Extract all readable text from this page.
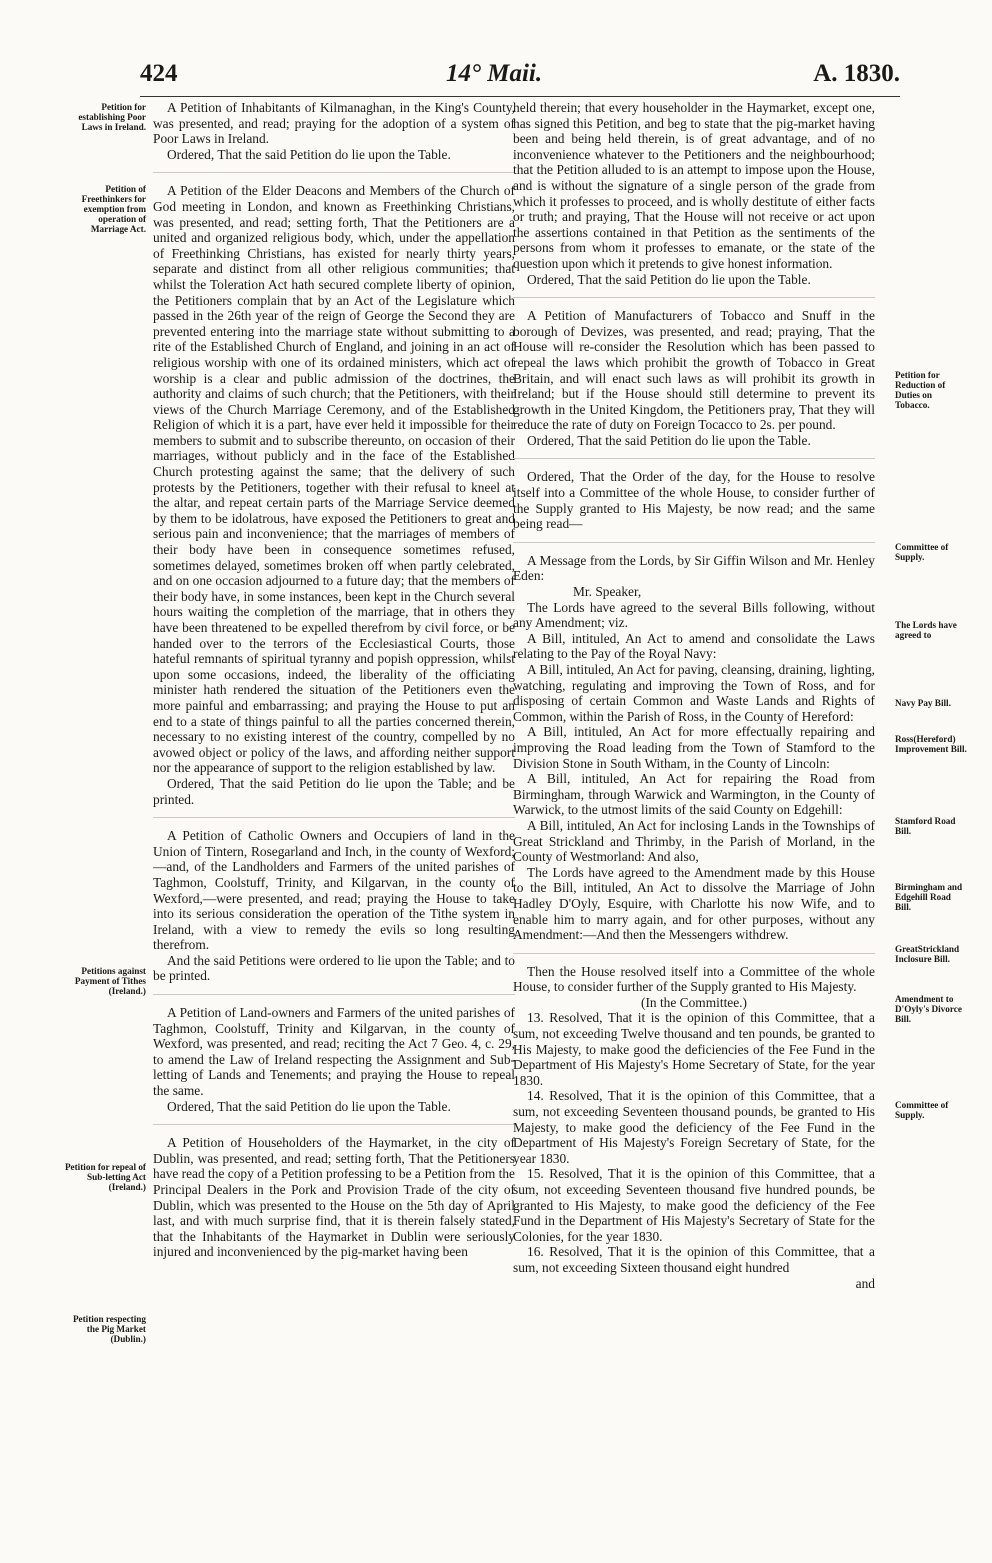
424	14° Maii.	A. 1830.
Petition for establishing Poor Laws in Ireland.
Petition of Freethinkers for exemption from operation of Marriage Act.
Petitions against Payment of Tithes (Ireland.)
Petition for repeal of Sub-letting Act (Ireland.)
Petition respecting the Pig Market (Dublin.)
Petition for Reduction of Duties on Tobacco.
Committee of Supply.
The Lords have agreed to
Navy Pay Bill.
Ross(Hereford) Improvement Bill.
Stamford Road Bill.
Birmingham and Edgehill Road Bill.
GreatStrickland Inclosure Bill.
Amendment to D'Oyly's Divorce Bill.
Committee of Supply.

A Petition of Inhabitants of Kilmanaghan, in the King's County, was presented, and read; praying for the adoption of a system of Poor Laws in Ireland.

Ordered, That the said Petition do lie upon the Table.

A Petition of the Elder Deacons and Members of the Church of God meeting in London, and known as Freethinking Christians, was presented, and read; setting forth, That the Petitioners are a united and organized religious body, which, under the appellation of Freethinking Christians, has existed for nearly thirty years, separate and distinct from all other religious communities; that whilst the Toleration Act hath secured complete liberty of opinion, the Petitioners complain that by an Act of the Legislature which passed in the 26th year of the reign of George the Second they are prevented entering into the marriage state without submitting to a rite of the Established Church of England, and joining in an act of religious worship with one of its ordained ministers, which act of worship is a clear and public admission of the doctrines, the authority and claims of such church; that the Petitioners, with their views of the Church Marriage Ceremony, and of the Established Religion of which it is a part, have ever held it impossible for their members to submit and to subscribe thereunto, on occasion of their marriages, without publicly and in the face of the Established Church protesting against the same; that the delivery of such protests by the Petitioners, together with their refusal to kneel at the altar, and repeat certain parts of the Marriage Service deemed by them to be idolatrous, have exposed the Petitioners to great and serious pain and inconvenience; that the marriages of members of their body have been in consequence sometimes refused, sometimes delayed, sometimes broken off when partly celebrated, and on one occasion adjourned to a future day; that the members of their body have, in some instances, been kept in the Church several hours waiting the completion of the marriage, that in others they have been threatened to be expelled therefrom by civil force, or be handed over to the terrors of the Ecclesiastical Courts, those hateful remnants of spiritual tyranny and popish oppression, whilst upon some occasions, indeed, the liberality of the officiating minister hath rendered the situation of the Petitioners even the more painful and embarrassing; and praying the House to put an end to a state of things painful to all the parties concerned therein, necessary to no existing interest of the country, compelled by no avowed object or policy of the laws, and affording neither support nor the appearance of support to the religion established by law.

Ordered, That the said Petition do lie upon the Table; and be printed.

A Petition of Catholic Owners and Occupiers of land in the Union of Tintern, Rosegarland and Inch, in the county of Wexford;—and, of the Landholders and Farmers of the united parishes of Taghmon, Coolstuff, Trinity, and Kilgarvan, in the county of Wexford,—were presented, and read; praying the House to take into its serious consideration the operation of the Tithe system in Ireland, with a view to remedy the evils so long resulting therefrom.

And the said Petitions were ordered to lie upon the Table; and to be printed.

A Petition of Land-owners and Farmers of the united parishes of Taghmon, Coolstuff, Trinity and Kilgarvan, in the county of Wexford, was presented, and read; reciting the Act 7 Geo. 4, c. 29, to amend the Law of Ireland respecting the Assignment and Sub-letting of Lands and Tenements; and praying the House to repeal the same.

Ordered, That the said Petition do lie upon the Table.

A Petition of Householders of the Haymarket, in the city of Dublin, was presented, and read; setting forth, That the Petitioners have read the copy of a Petition professing to be a Petition from the Principal Dealers in the Pork and Provision Trade of the city of Dublin, which was presented to the House on the 5th day of April last, and with much surprise find, that it is therein falsely stated, that the Inhabitants of the Haymarket in Dublin were seriously injured and inconvenienced by the pig-market having been

held therein; that every householder in the Haymarket, except one, has signed this Petition, and beg to state that the pig-market having been and being held therein, is of great advantage, and of no inconvenience whatever to the Petitioners and the neighbourhood; that the Petition alluded to is an attempt to impose upon the House, and is without the signature of a single person of the grade from which it professes to proceed, and is wholly destitute of either facts or truth; and praying, That the House will not receive or act upon the assertions contained in that Petition as the sentiments of the persons from whom it professes to emanate, or the state of the question upon which it pretends to give honest information.

Ordered, That the said Petition do lie upon the Table.

A Petition of Manufacturers of Tobacco and Snuff in the borough of Devizes, was presented, and read; praying, That the House will re-consider the Resolution which has been passed to repeal the laws which prohibit the growth of Tobacco in Great Britain, and will enact such laws as will prohibit its growth in Ireland; but if the House should still determine to prevent its growth in the United Kingdom, the Petitioners pray, That they will reduce the rate of duty on Foreign Tocacco to 2s. per pound.

Ordered, That the said Petition do lie upon the Table.

Ordered, That the Order of the day, for the House to resolve itself into a Committee of the whole House, to consider further of the Supply granted to His Majesty, be now read; and the same being read—

A Message from the Lords, by Sir Giffin Wilson and Mr. Henley Eden:

Mr. Speaker,

The Lords have agreed to the several Bills following, without any Amendment; viz.

A Bill, intituled, An Act to amend and consolidate the Laws relating to the Pay of the Royal Navy:

A Bill, intituled, An Act for paving, cleansing, draining, lighting, watching, regulating and improving the Town of Ross, and for disposing of certain Common and Waste Lands and Rights of Common, within the Parish of Ross, in the County of Hereford:

A Bill, intituled, An Act for more effectually repairing and improving the Road leading from the Town of Stamford to the Division Stone in South Witham, in the County of Lincoln:

A Bill, intituled, An Act for repairing the Road from Birmingham, through Warwick and Warmington, in the County of Warwick, to the utmost limits of the said County on Edgehill:

A Bill, intituled, An Act for inclosing Lands in the Townships of Great Strickland and Thrimby, in the Parish of Morland, in the County of Westmorland: And also,

The Lords have agreed to the Amendment made by this House to the Bill, intituled, An Act to dissolve the Marriage of John Hadley D'Oyly, Esquire, with Charlotte his now Wife, and to enable him to marry again, and for other purposes, without any Amendment:—And then the Messengers withdrew.

Then the House resolved itself into a Committee of the whole House, to consider further of the Supply granted to His Majesty.

(In the Committee.)

13. Resolved, That it is the opinion of this Committee, that a sum, not exceeding Twelve thousand and ten pounds, be granted to His Majesty, to make good the deficiencies of the Fee Fund in the Department of His Majesty's Home Secretary of State, for the year 1830.

14. Resolved, That it is the opinion of this Committee, that a sum, not exceeding Seventeen thousand pounds, be granted to His Majesty, to make good the deficiency of the Fee Fund in the Department of His Majesty's Foreign Secretary of State, for the year 1830.

15. Resolved, That it is the opinion of this Committee, that a sum, not exceeding Seventeen thousand five hundred pounds, be granted to His Majesty, to make good the deficiency of the Fee Fund in the Department of His Majesty's Secretary of State for the Colonies, for the year 1830.

16. Resolved, That it is the opinion of this Committee, that a sum, not exceeding Sixteen thousand eight hundred

and
